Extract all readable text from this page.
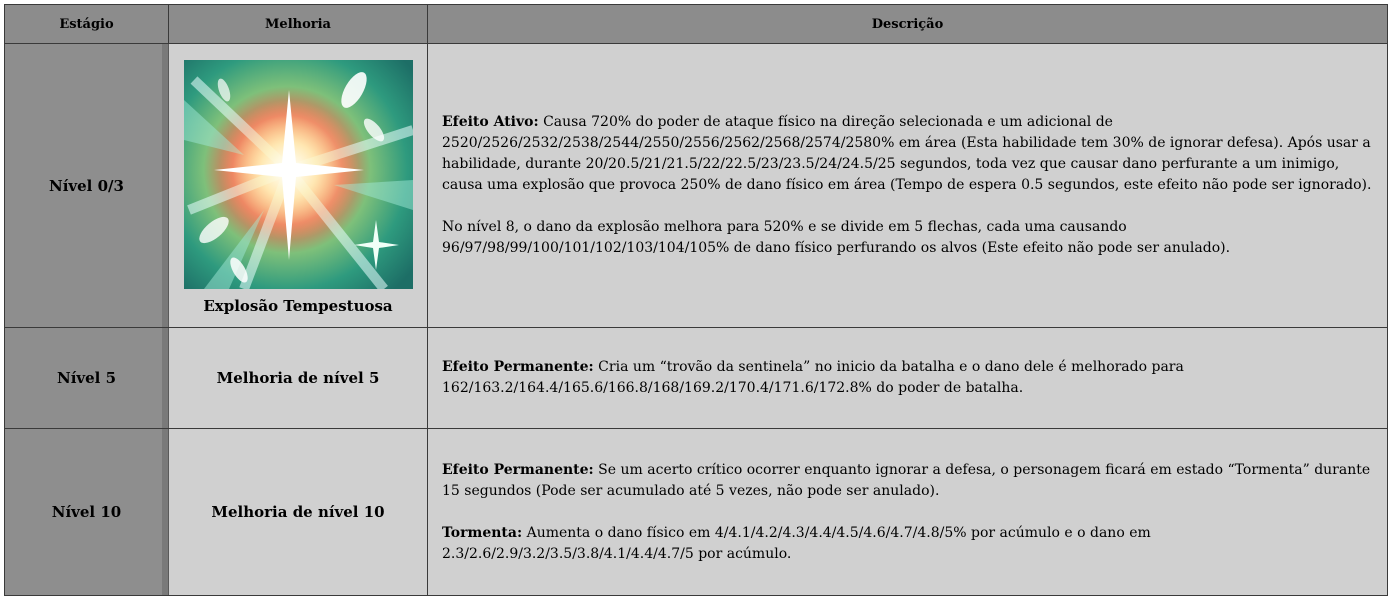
Estágio	Melhoria	Descrição
Nível 0/3	Explosão Tempestuosa	Efeito Ativo: Causa 720% do poder de ataque físico na direção selecionada e um adicional de 2520/2526/2532/2538/2544/2550/2556/2562/2568/2574/2580% em área (Esta habilidade tem 30% de ignorar defesa). Após usar a habilidade, durante 20/20.5/21/21.5/22/22.5/23/23.5/24/24.5/25 segundos, toda vez que causar dano perfurante a um inimigo, causa uma explosão que provoca 250% de dano físico em área (Tempo de espera 0.5 segundos, este efeito não pode ser ignorado).
No nível 8, o dano da explosão melhora para 520% e se divide em 5 flechas, cada uma causando 96/97/98/99/100/101/102/103/104/105% de dano físico perfurando os alvos (Este efeito não pode ser anulado).

Nível 5	Melhoria de nível 5	Efeito Permanente: Cria um “trovão da sentinela” no inicio da batalha e o dano dele é melhorado para 162/163.2/164.4/165.6/166.8/168/169.2/170.4/171.6/172.8% do poder de batalha.

Nível 10	Melhoria de nível 10	Efeito Permanente: Se um acerto crítico ocorrer enquanto ignorar a defesa, o personagem ficará em estado “Tormenta” durante 15 segundos (Pode ser acumulado até 5 vezes, não pode ser anulado).
Tormenta: Aumenta o dano físico em 4/4.1/4.2/4.3/4.4/4.5/4.6/4.7/4.8/5% por acúmulo e o dano em 2.3/2.6/2.9/3.2/3.5/3.8/4.1/4.4/4.7/5 por acúmulo.
